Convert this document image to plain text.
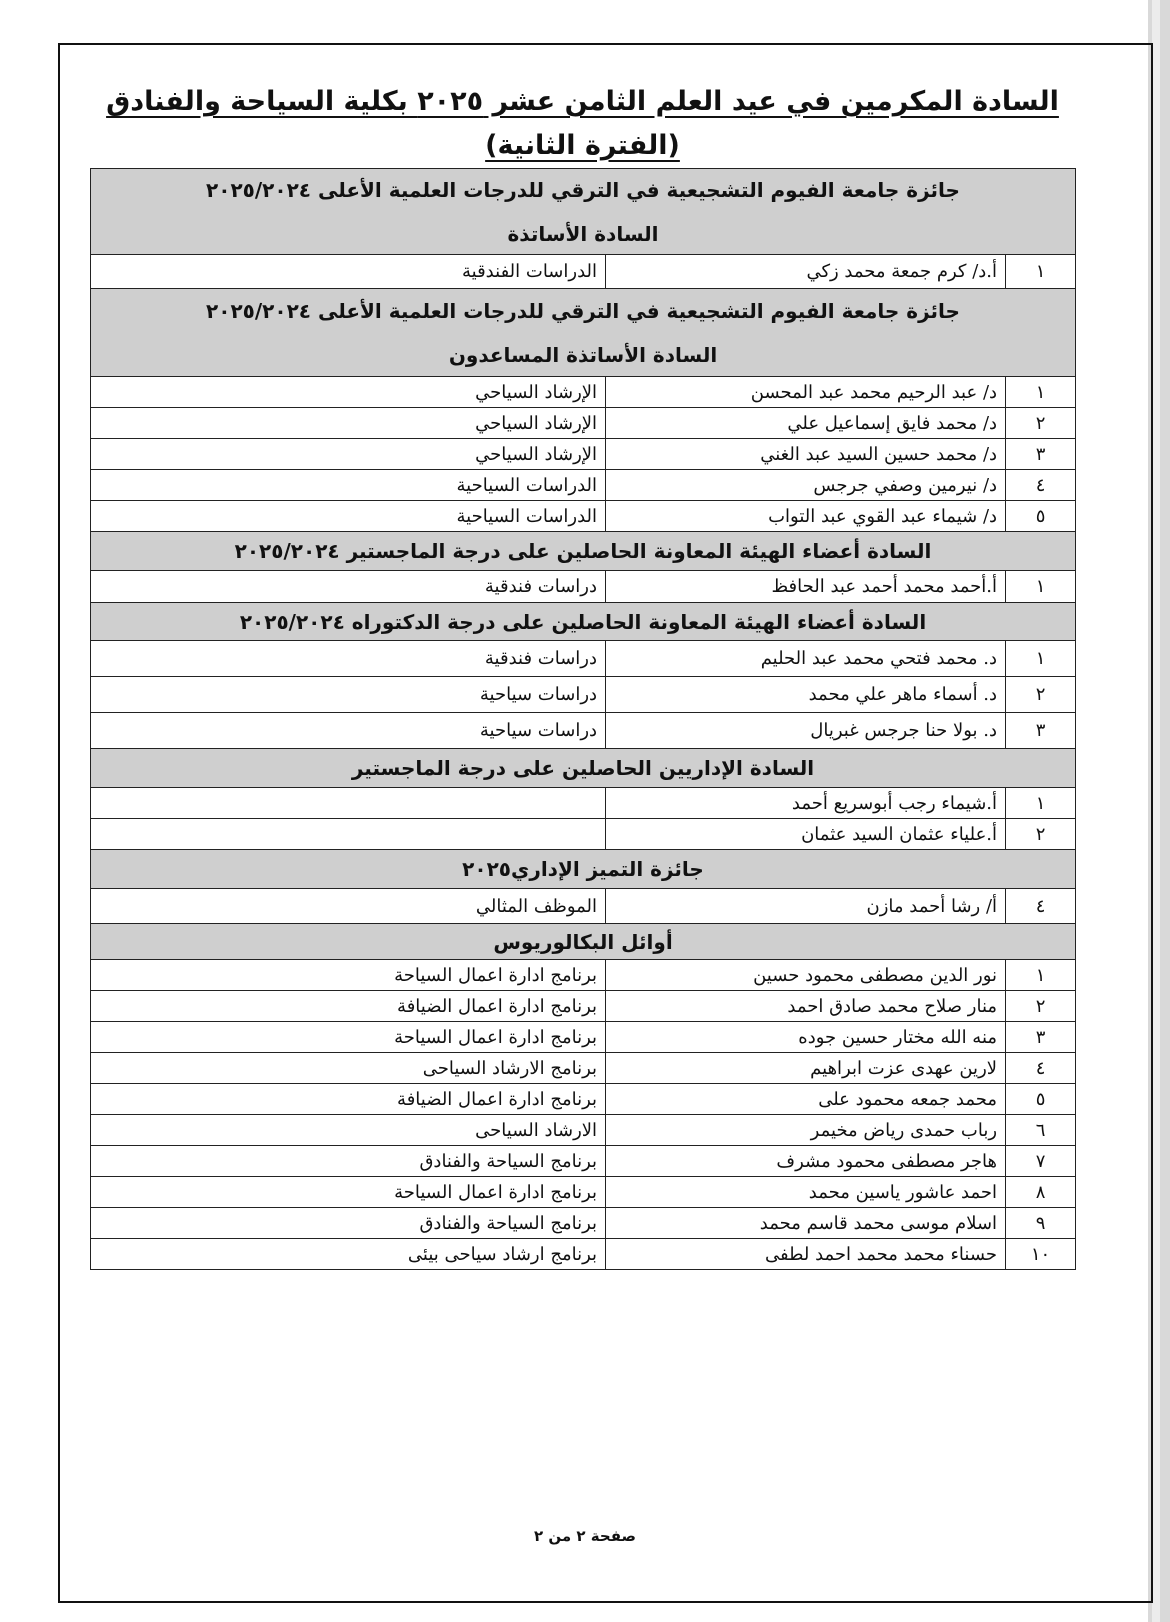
السادة المكرمين في عيد العلم الثامن عشر ٢٠٢٥ بكلية السياحة والفنادق
(الفترة الثانية)
جائزة جامعة الفيوم التشجيعية في الترقي للدرجات العلمية الأعلى ٢٠٢٥/٢٠٢٤
السادة الأساتذة		

١	أ.د/ كرم جمعة محمد زكي	الدراسات الفندقية
جائزة جامعة الفيوم التشجيعية في الترقي للدرجات العلمية الأعلى ٢٠٢٥/٢٠٢٤
السادة الأساتذة المساعدون		

١	د/ عبد الرحيم محمد عبد المحسن	الإرشاد السياحي
٢	د/ محمد فايق إسماعيل علي	الإرشاد السياحي
٣	د/ محمد حسين السيد عبد الغني	الإرشاد السياحي
٤	د/ نيرمين وصفي جرجس	الدراسات السياحية
٥	د/ شيماء عبد القوي عبد التواب	الدراسات السياحية
السادة أعضاء الهيئة المعاونة الحاصلين على درجة الماجستير ٢٠٢٥/٢٠٢٤		
١	أ.أحمد محمد أحمد عبد الحافظ	دراسات فندقية
السادة أعضاء الهيئة المعاونة الحاصلين على درجة الدكتوراه ٢٠٢٥/٢٠٢٤		
١	د. محمد فتحي محمد عبد الحليم	دراسات فندقية
٢	د. أسماء ماهر علي محمد	دراسات سياحية
٣	د. بولا حنا جرجس غبريال	دراسات سياحية
السادة الإداريين الحاصلين على درجة الماجستير		
١	أ.شيماء رجب أبوسريع أحمد	
٢	أ.علياء عثمان السيد عثمان	
جائزة التميز الإداري٢٠٢٥		
٤	أ/ رشا أحمد مازن	الموظف المثالي
أوائل البكالوريوس		
١	نور الدين مصطفى محمود حسين	برنامج ادارة اعمال السياحة
٢	منار صلاح محمد صادق احمد	برنامج ادارة اعمال الضيافة
٣	منه الله مختار حسين جوده	برنامج ادارة اعمال السياحة
٤	لارين عهدى عزت ابراهيم	برنامج الارشاد السياحى
٥	محمد جمعه محمود على	برنامج ادارة اعمال الضيافة
٦	رباب حمدى رياض مخيمر	الارشاد السياحى
٧	هاجر مصطفى محمود مشرف	برنامج السياحة والفنادق
٨	احمد عاشور ياسين محمد	برنامج ادارة اعمال السياحة
٩	اسلام موسى محمد قاسم محمد	برنامج السياحة والفنادق
١٠	حسناء محمد محمد احمد لطفى	برنامج ارشاد سياحى بيئى
صفحة ٢ من ٢
